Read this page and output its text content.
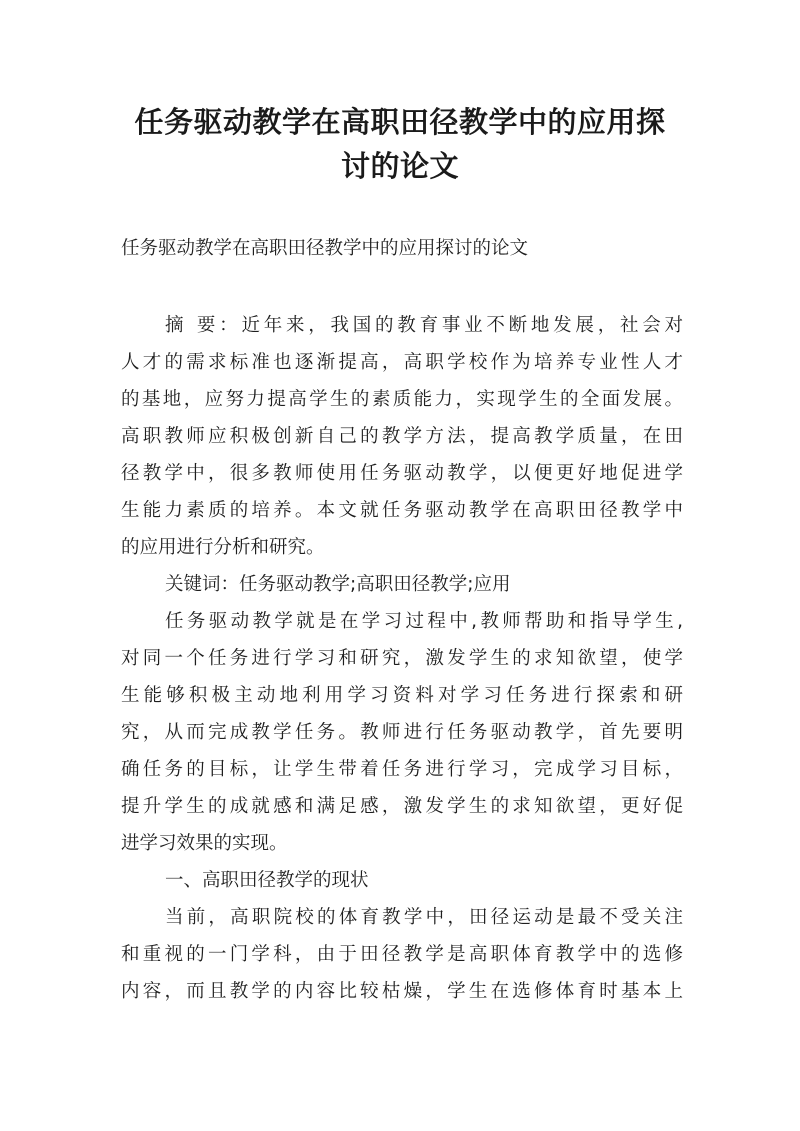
任务驱动教学在高职田径教学中的应用探

讨的论文

任务驱动教学在高职田径教学中的应用探讨的论文

摘 要：近年来，我国的教育事业不断地发展，社会对

人才的需求标准也逐渐提高，高职学校作为培养专业性人才

的基地，应努力提高学生的素质能力，实现学生的全面发展。

高职教师应积极创新自己的教学方法，提高教学质量，在田

径教学中，很多教师使用任务驱动教学，以便更好地促进学

生能力素质的培养。本文就任务驱动教学在高职田径教学中

的应用进行分析和研究。

关键词：任务驱动教学;高职田径教学;应用

任务驱动教学就是在学习过程中,教师帮助和指导学生,

对同一个任务进行学习和研究，激发学生的求知欲望，使学

生能够积极主动地利用学习资料对学习任务进行探索和研

究，从而完成教学任务。教师进行任务驱动教学，首先要明

确任务的目标，让学生带着任务进行学习，完成学习目标，

提升学生的成就感和满足感，激发学生的求知欲望，更好促

进学习效果的实现。

一、高职田径教学的现状

当前，高职院校的体育教学中，田径运动是最不受关注

和重视的一门学科，由于田径教学是高职体育教学中的选修

内容，而且教学的内容比较枯燥，学生在选修体育时基本上
